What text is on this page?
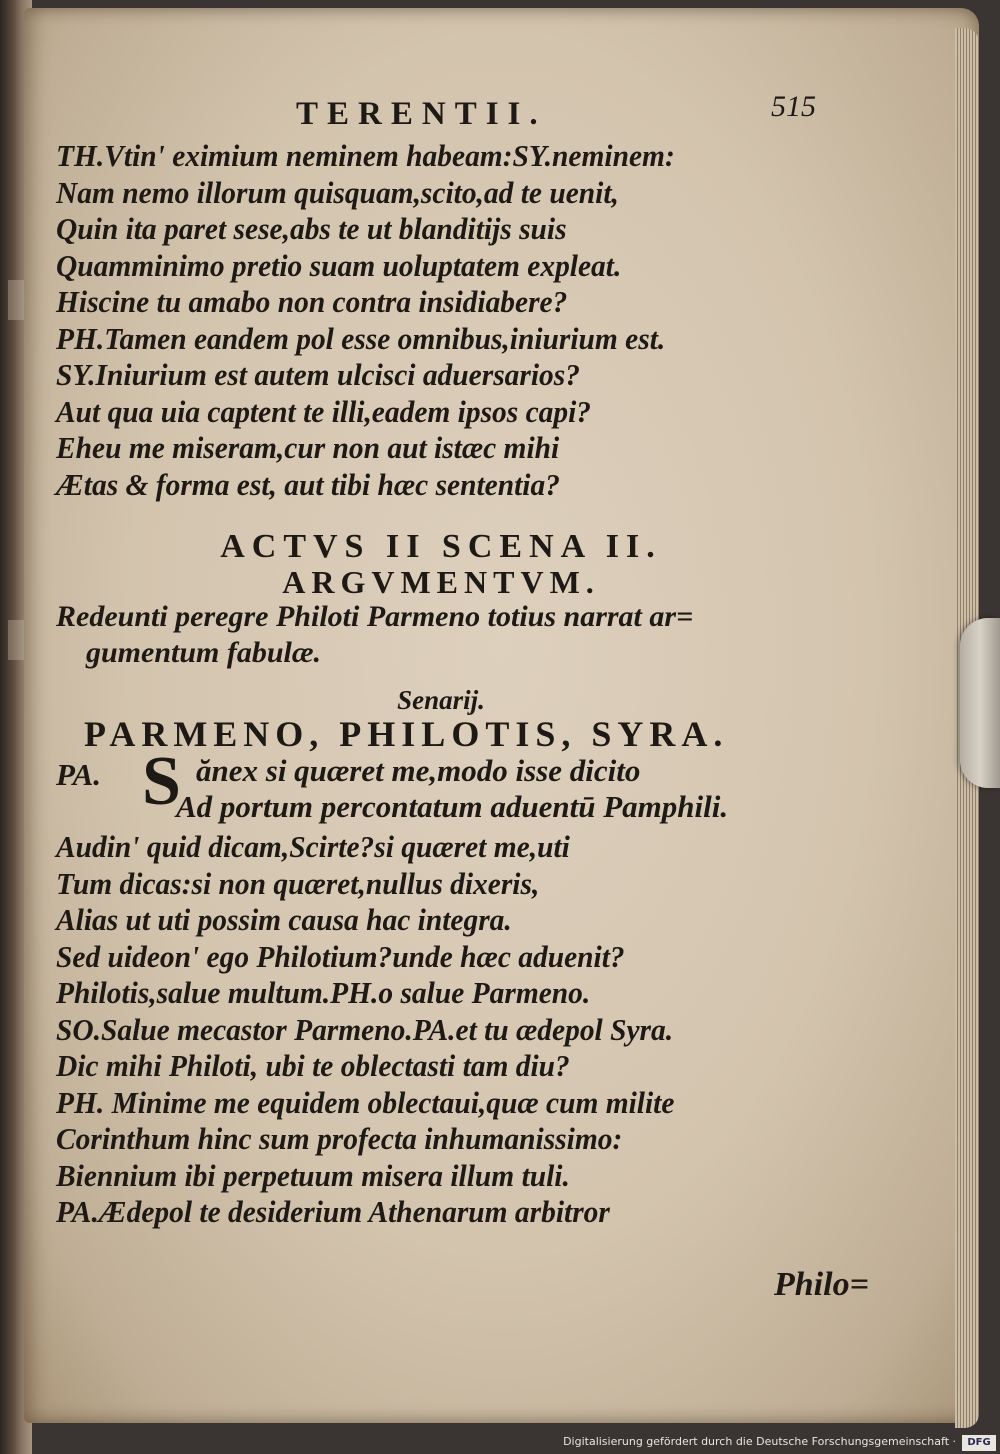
TERENTII.	515

TH.Vtin' eximium neminem habeam:SY.neminem:

Nam nemo illorum quisquam,scito,ad te uenit,

Quin ita paret sese,abs te ut blanditijs suis

Quamminimo pretio suam uoluptatem expleat.

Hiscine tu amabo non contra insidiabere?

PH.Tamen eandem pol esse omnibus,iniurium est.

SY.Iniurium est autem ulcisci aduersarios?

Aut qua uia captent te illi,eadem ipsos capi?

Eheu me miseram,cur non aut istæc mihi

Ætas & forma est, aut tibi hæc sententia?

ACTVS II SCENA II.
ARGVMENTVM.
Redeunti peregre Philoti Parmeno totius narrat ar=
gumentum fabulæ.
Senarij.
PARMENO, PHILOTIS, SYRA.
PA. S ănex si quæret me,modo isse dicito
Ad portum percontatum aduentū Pamphili.

Audin' quid dicam,Scirte?si quæret me,uti

Tum dicas:si non quæret,nullus dixeris,

Alias ut uti possim causa hac integra.

Sed uideon' ego Philotium?unde hæc aduenit?

Philotis,salue multum.PH.o salue Parmeno.

SO.Salue mecastor Parmeno.PA.et tu ædepol Syra.

Dic mihi Philoti, ubi te oblectasti tam diu?

PH. Minime me equidem oblectaui,quæ cum milite

Corinthum hinc sum profecta inhumanissimo:

Biennium ibi perpetuum misera illum tuli.

PA.Ædepol te desiderium Athenarum arbitror

Philo=
Digitalisierung gefördert durch die Deutsche Forschungsgemeinschaft ·	DFG
